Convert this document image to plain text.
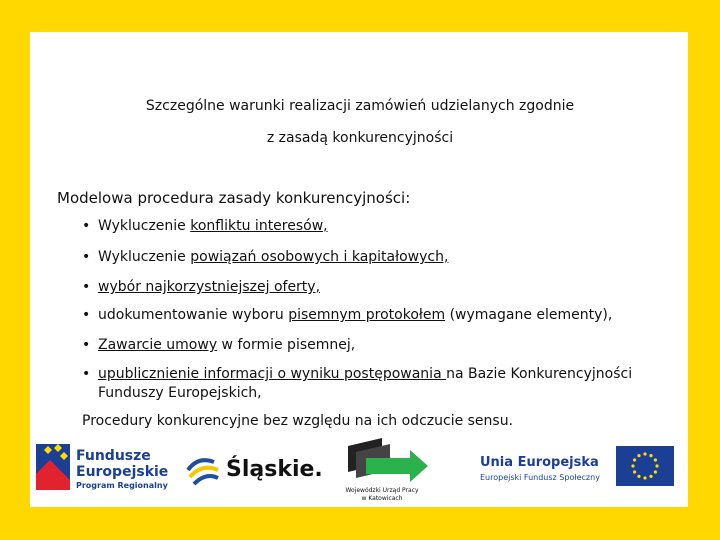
Szczególne warunki realizacji zamówień udzielanych zgodnie
z zasadą konkurencyjności
Modelowa procedura zasady konkurencyjności:
• Wykluczenie konfliktu interesów,
• Wykluczenie powiązań osobowych i kapitałowych,
• wybór najkorzystniejszej oferty,
• udokumentowanie wyboru pisemnym protokołem (wymagane elementy),
• Zawarcie umowy w formie pisemnej,
• upublicznienie informacji o wyniku postępowania na Bazie Konkurencyjności
Funduszy Europejskich,
Procedury konkurencyjne bez względu na ich odczucie sensu.
Fundusze
Europejskie
Program Regionalny
Śląskie.
Wojewódzki Urząd Pracy
w Katowicach
Unia Europejska
Europejski Fundusz Społeczny
